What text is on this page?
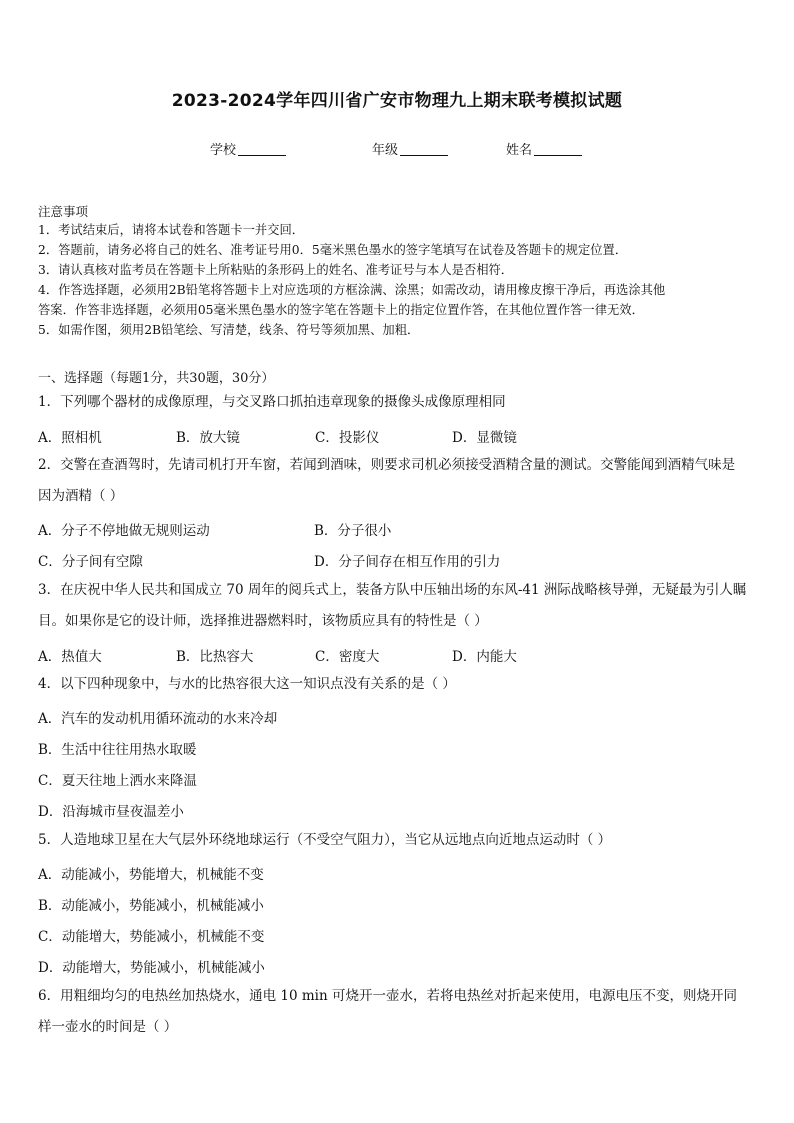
2023-2024学年四川省广安市物理九上期末联考模拟试题
学校	年级	姓名
注意事项
1．考试结束后，请将本试卷和答题卡一并交回．
2．答题前，请务必将自己的姓名、准考证号用0．5毫米黑色墨水的签字笔填写在试卷及答题卡的规定位置．
3．请认真核对监考员在答题卡上所粘贴的条形码上的姓名、准考证号与本人是否相符．
4．作答选择题，必须用2B铅笔将答题卡上对应选项的方框涂满、涂黑；如需改动，请用橡皮擦干净后，再选涂其他
答案．作答非选择题，必须用05毫米黑色墨水的签字笔在答题卡上的指定位置作答，在其他位置作答一律无效．
5．如需作图，须用2B铅笔绘、写清楚，线条、符号等须加黑、加粗．
一、选择题（每题1分，共30题，30分）
1．下列哪个器材的成像原理，与交叉路口抓拍违章现象的摄像头成像原理相同
A．照相机	B．放大镜	C．投影仪	D．显微镜
2．交警在查酒驾时，先请司机打开车窗，若闻到酒味，则要求司机必须接受酒精含量的测试。交警能闻到酒精气味是
因为酒精（ ）
A．分子不停地做无规则运动	B．分子很小
C．分子间有空隙	D．分子间存在相互作用的引力
3．在庆祝中华人民共和国成立 70 周年的阅兵式上，装备方队中压轴出场的东风-41 洲际战略核导弹，无疑最为引人瞩
目。如果你是它的设计师，选择推进器燃料时，该物质应具有的特性是（ ）
A．热值大	B．比热容大	C．密度大	D．内能大
4．以下四种现象中，与水的比热容很大这一知识点没有关系的是（ ）
A．汽车的发动机用循环流动的水来冷却
B．生活中往往用热水取暖
C．夏天往地上洒水来降温
D．沿海城市昼夜温差小
5．人造地球卫星在大气层外环绕地球运行（不受空气阻力），当它从远地点向近地点运动时（ ）
A．动能减小，势能增大，机械能不变
B．动能减小，势能减小，机械能减小
C．动能增大，势能减小，机械能不变
D．动能增大，势能减小，机械能减小
6．用粗细均匀的电热丝加热烧水，通电 10 min 可烧开一壶水，若将电热丝对折起来使用，电源电压不变，则烧开同
样一壶水的时间是（ ）
